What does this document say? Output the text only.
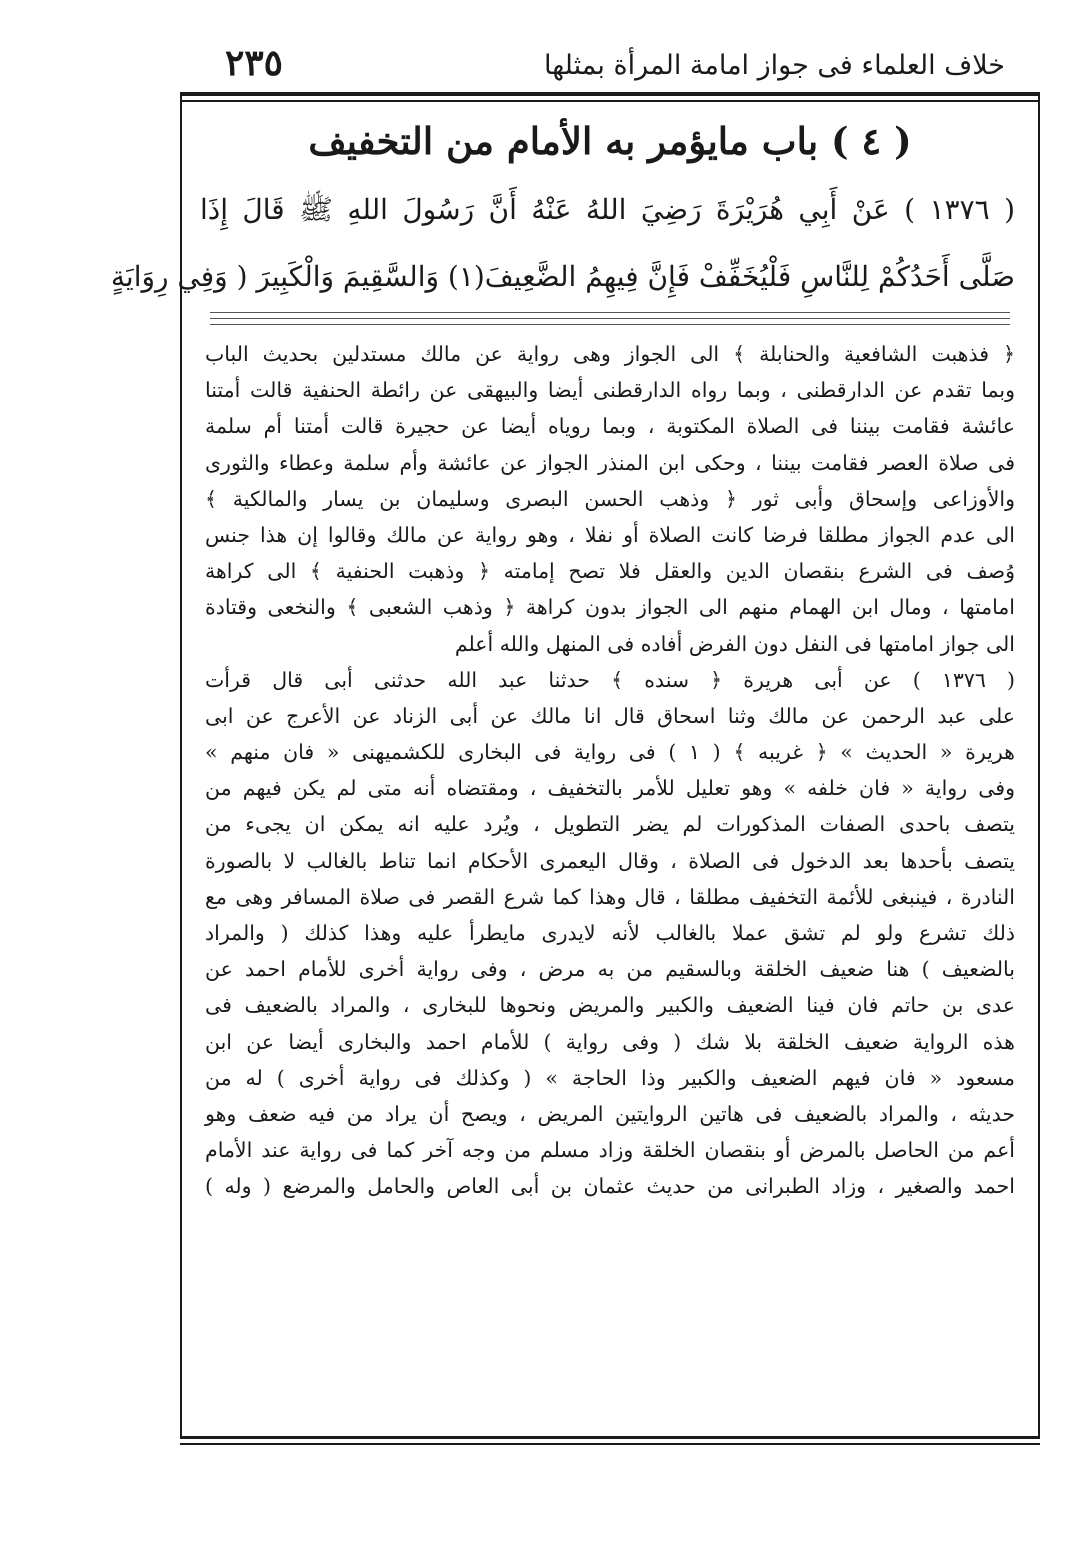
٢٣٥	خلاف العلماء فى جواز امامة المرأة بمثلها
( ٤ ) باب مايؤمر به الأمام من التخفيف
( ١٣٧٦ ) عَنْ أَبِي هُرَيْرَةَ رَضِيَ اللهُ عَنْهُ أَنَّ رَسُولَ اللهِ ﷺ قَالَ إِذَا
صَلَّى أَحَدُكُمْ لِلنَّاسِ فَلْيُخَفِّفْ فَإِنَّ فِيهِمُ الضَّعِيفَ(١) وَالسَّقِيمَ وَالْكَبِيرَ ( وَفِي رِوَايَةٍ
﴿ فذهبت الشافعية والحنابلة ﴾ الى الجواز وهى رواية عن مالك مستدلين بحديث الباب
وبما تقدم عن الدارقطنى ، وبما رواه الدارقطنى أيضا والبيهقى عن رائطة الحنفية قالت أمتنا
عائشة فقامت بيننا فى الصلاة المكتوبة ، وبما روياه أيضا عن حجيرة قالت أمتنا أم سلمة
فى صلاة العصر فقامت بيننا ، وحكى ابن المنذر الجواز عن عائشة وأم سلمة وعطاء والثورى
والأوزاعى وإسحاق وأبى ثور ﴿ وذهب الحسن البصرى وسليمان بن يسار والمالكية ﴾
الى عدم الجواز مطلقا فرضا كانت الصلاة أو نفلا ، وهو رواية عن مالك وقالوا إن هذا جنس
وُصف فى الشرع بنقصان الدين والعقل فلا تصح إمامته ﴿ وذهبت الحنفية ﴾ الى كراهة
امامتها ، ومال ابن الهمام منهم الى الجواز بدون كراهة ﴿ وذهب الشعبى ﴾ والنخعى وقتادة
الى جواز امامتها فى النفل دون الفرض أفاده فى المنهل والله أعلم
( ١٣٧٦ ) عن أبى هريرة ﴿ سنده ﴾ حدثنا عبد الله حدثنى أبى قال قرأت
على عبد الرحمن عن مالك وثنا اسحاق قال انا مالك عن أبى الزناد عن الأعرج عن ابى
هريرة « الحديث » ﴿ غريبه ﴾ ( ١ ) فى رواية فى البخارى للكشميهنى « فان منهم »
وفى رواية « فان خلفه » وهو تعليل للأمر بالتخفيف ، ومقتضاه أنه متى لم يكن فيهم من
يتصف باحدى الصفات المذكورات لم يضر التطويل ، ويُرد عليه انه يمكن ان يجىء من
يتصف بأحدها بعد الدخول فى الصلاة ، وقال اليعمرى الأحكام انما تناط بالغالب لا بالصورة
النادرة ، فينبغى للأئمة التخفيف مطلقا ، قال وهذا كما شرع القصر فى صلاة المسافر وهى مع
ذلك تشرع ولو لم تشق عملا بالغالب لأنه لايدرى مايطرأ عليه وهذا كذلك ( والمراد
بالضعيف ) هنا ضعيف الخلقة وبالسقيم من به مرض ، وفى رواية أخرى للأمام احمد عن
عدى بن حاتم فان فينا الضعيف والكبير والمريض ونحوها للبخارى ، والمراد بالضعيف فى
هذه الرواية ضعيف الخلقة بلا شك ( وفى رواية ) للأمام احمد والبخارى أيضا عن ابن
مسعود « فان فيهم الضعيف والكبير وذا الحاجة » ( وكذلك فى رواية أخرى ) له من
حديثه ، والمراد بالضعيف فى هاتين الروايتين المريض ، ويصح أن يراد من فيه ضعف وهو
أعم من الحاصل بالمرض أو بنقصان الخلقة وزاد مسلم من وجه آخر كما فى رواية عند الأمام
احمد والصغير ، وزاد الطبرانى من حديث عثمان بن أبى العاص والحامل والمرضع ( وله )
